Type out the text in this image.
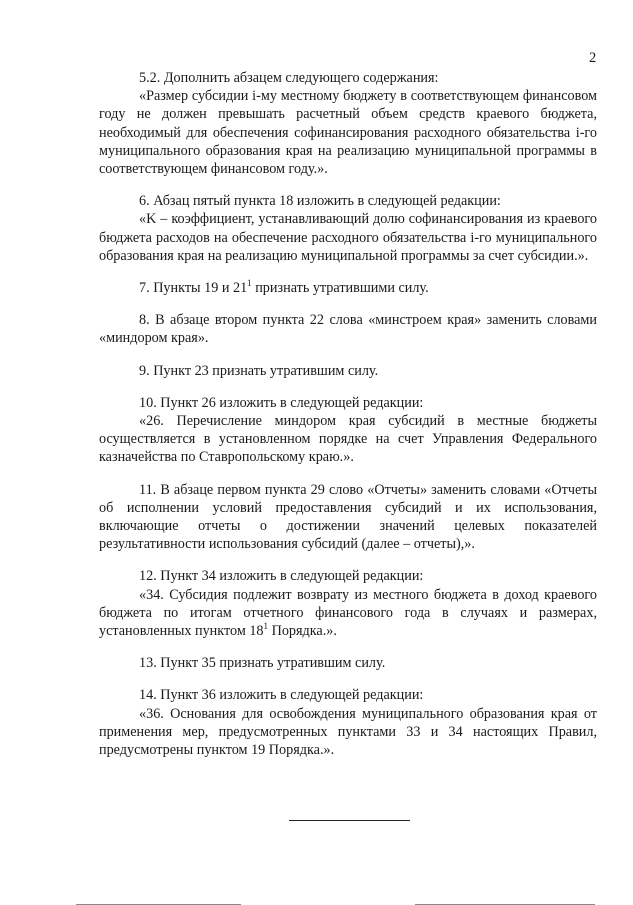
2

5.2. Дополнить абзацем следующего содержания:

«Размер субсидии i-му местному бюджету в соответствующем финансовом году не должен превышать расчетный объем средств краевого бюджета, необходимый для обеспечения софинансирования расходного обязательства i-го муниципального образования края на реализацию муниципальной программы в соответствующем финансовом году.».

6. Абзац пятый пункта 18 изложить в следующей редакции:

«K – коэффициент, устанавливающий долю софинансирования из краевого бюджета расходов на обеспечение расходного обязательства i-го муниципального образования края на реализацию муниципальной программы за счет субсидии.».

7. Пункты 19 и $21^1$ признать утратившими силу.

8. В абзаце втором пункта 22 слова «минстроем края» заменить словами «миндором края».

9. Пункт 23 признать утратившим силу.

10. Пункт 26 изложить в следующей редакции:

«26. Перечисление миндором края субсидий в местные бюджеты осуществляется в установленном порядке на счет Управления Федерального казначейства по Ставропольскому краю.».

11. В абзаце первом пункта 29 слово «Отчеты» заменить словами «Отчеты об исполнении условий предоставления субсидий и их использования, включающие отчеты о достижении значений целевых показателей результативности использования субсидий (далее – отчеты),».

12. Пункт 34 изложить в следующей редакции:

«34. Субсидия подлежит возврату из местного бюджета в доход краевого бюджета по итогам отчетного финансового года в случаях и размерах, установленных пунктом $18^1$ Порядка.».

13. Пункт 35 признать утратившим силу.

14. Пункт 36 изложить в следующей редакции:

«36. Основания для освобождения муниципального образования края от применения мер, предусмотренных пунктами 33 и 34 настоящих Правил, предусмотрены пунктом 19 Порядка.».
